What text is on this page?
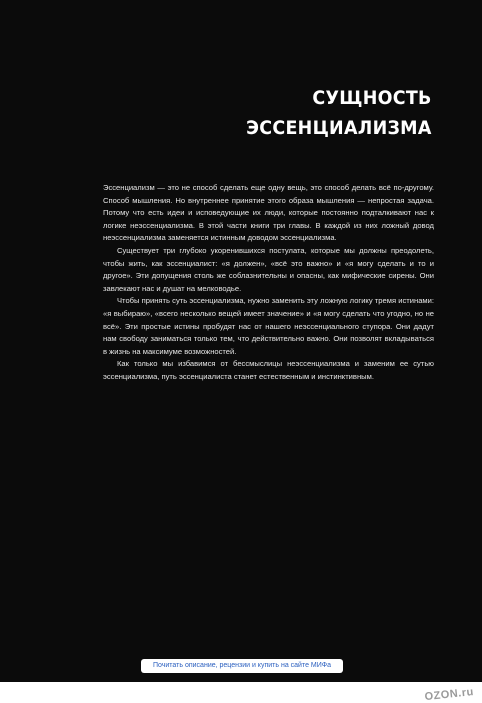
СУЩНОСТЬ
ЭССЕНЦИАЛИЗМА

Эссенциализм — это не способ сделать еще одну вещь, это способ делать всё по-другому. Способ мышления. Но внутреннее принятие этого образа мышления — непростая задача. Потому что есть идеи и исповедующие их люди, которые постоянно подталкивают нас к логике неэссенциализма. В этой части книги три главы. В каждой из них ложный довод неэссенциализма заменяется истинным доводом эссенциализма.

Существует три глубоко укоренившихся постулата, которые мы должны преодолеть, чтобы жить, как эссенциалист: «я должен», «всё это важно» и «я могу сделать и то и другое». Эти допущения столь же соблазнительны и опасны, как мифические сирены. Они завлекают нас и душат на мелководье.

Чтобы принять суть эссенциализма, нужно заменить эту ложную логику тремя истинами: «я выбираю», «всего несколько вещей имеет значение» и «я могу сделать что угодно, но не всё». Эти простые истины пробудят нас от нашего неэссенциального ступора. Они дадут нам свободу заниматься только тем, что действительно важно. Они позволят вкладываться в жизнь на максимуме возможностей.

Как только мы избавимся от бессмыслицы неэссенциализма и заменим ее сутью эссенциализма, путь эссенциалиста станет естественным и инстинктивным.

Почитать описание, рецензии и купить на сайте МИФа
OZON.ru
